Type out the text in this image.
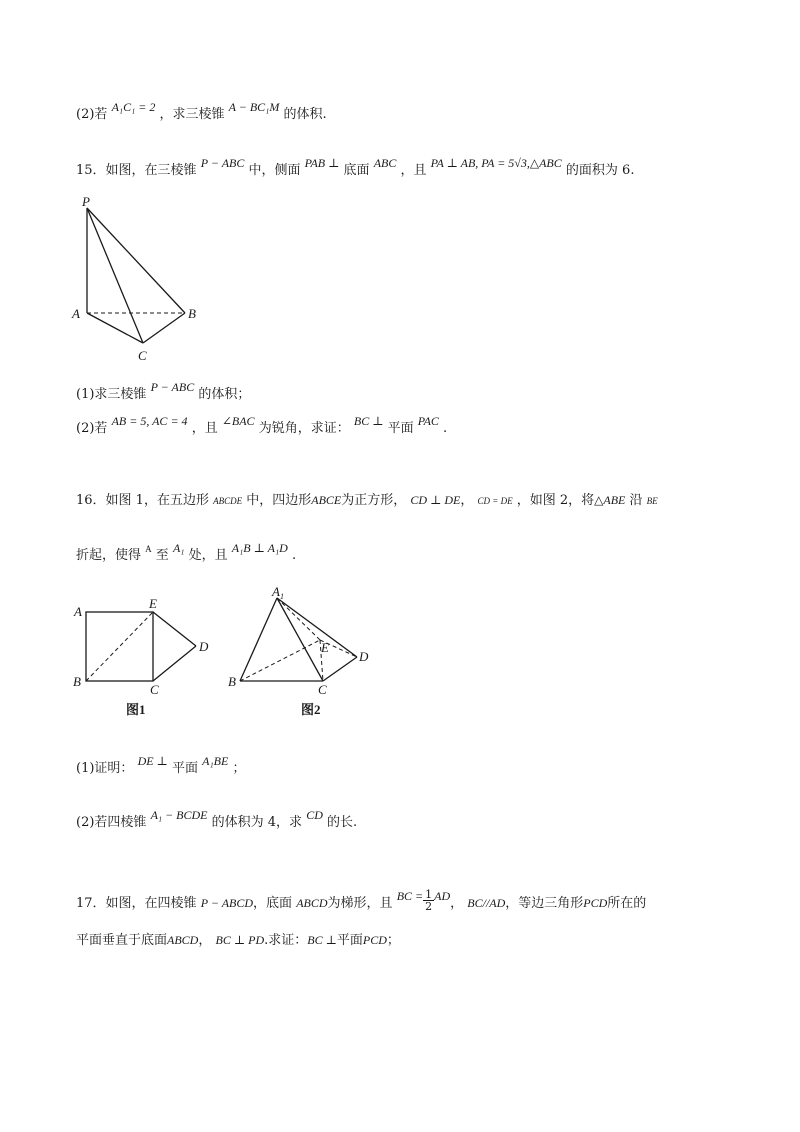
(2)若 A₁C₁ = 2 ，求三棱锥 A − BC₁M 的体积.
15．如图，在三棱锥 P − ABC 中，侧面 PAB ⊥ 底面 ABC ，且 PA ⊥ AB, PA = 5√3,△ABC 的面积为 6.
P
A	B
C
(1)求三棱锥 P − ABC 的体积；
(2)若 AB = 5, AC = 4 ，且 ∠BAC 为锐角，求证： BC ⊥ 平面 PAC .
16．如图 1，在五边形 ABCDE 中，四边形ABCE为正方形， CD ⊥ DE， CD = DE ，如图 2，将△ABE 沿 BE
折起，使得 $^A$ 至 A₁ 处，且 A₁B ⊥ A₁D .
A
E
D
B
C
图1
$A_1$
E
D
B
C
图2
(1)证明： DE ⊥ 平面 A₁BE ；
(2)若四棱锥 A₁ − BCDE 的体积为 4，求 CD 的长.
17．如图，在四棱锥 P − ABCD，底面 ABCD为梯形，且 BC = $\frac{1}{2}$ AD， BC//AD，等边三角形PCD所在的
平面垂直于底面ABCD， BC ⊥ PD.求证：BC ⊥平面PCD；
